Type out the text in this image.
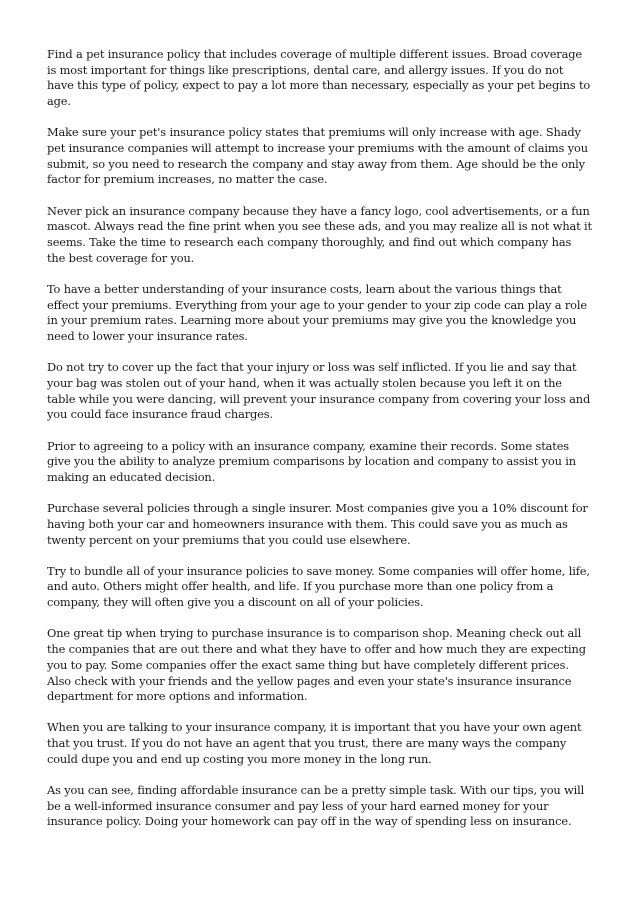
Find a pet insurance policy that includes coverage of multiple different issues. Broad coverage is most important for things like prescriptions, dental care, and allergy issues. If you do not have this type of policy, expect to pay a lot more than necessary, especially as your pet begins to age.

Make sure your pet's insurance policy states that premiums will only increase with age. Shady pet insurance companies will attempt to increase your premiums with the amount of claims you submit, so you need to research the company and stay away from them. Age should be the only factor for premium increases, no matter the case.

Never pick an insurance company because they have a fancy logo, cool advertisements, or a fun mascot. Always read the fine print when you see these ads, and you may realize all is not what it seems. Take the time to research each company thoroughly, and find out which company has the best coverage for you.

To have a better understanding of your insurance costs, learn about the various things that effect your premiums. Everything from your age to your gender to your zip code can play a role in your premium rates. Learning more about your premiums may give you the knowledge you need to lower your insurance rates.

Do not try to cover up the fact that your injury or loss was self inflicted. If you lie and say that your bag was stolen out of your hand, when it was actually stolen because you left it on the table while you were dancing, will prevent your insurance company from covering your loss and you could face insurance fraud charges.

Prior to agreeing to a policy with an insurance company, examine their records. Some states give you the ability to analyze premium comparisons by location and company to assist you in making an educated decision.

Purchase several policies through a single insurer. Most companies give you a 10% discount for having both your car and homeowners insurance with them. This could save you as much as twenty percent on your premiums that you could use elsewhere.

Try to bundle all of your insurance policies to save money. Some companies will offer home, life, and auto. Others might offer health, and life. If you purchase more than one policy from a company, they will often give you a discount on all of your policies.

One great tip when trying to purchase insurance is to comparison shop. Meaning check out all the companies that are out there and what they have to offer and how much they are expecting you to pay. Some companies offer the exact same thing but have completely different prices. Also check with your friends and the yellow pages and even your state's insurance insurance department for more options and information.

When you are talking to your insurance company, it is important that you have your own agent that you trust. If you do not have an agent that you trust, there are many ways the company could dupe you and end up costing you more money in the long run.

As you can see, finding affordable insurance can be a pretty simple task. With our tips, you will be a well-informed insurance consumer and pay less of your hard earned money for your insurance policy. Doing your homework can pay off in the way of spending less on insurance.
